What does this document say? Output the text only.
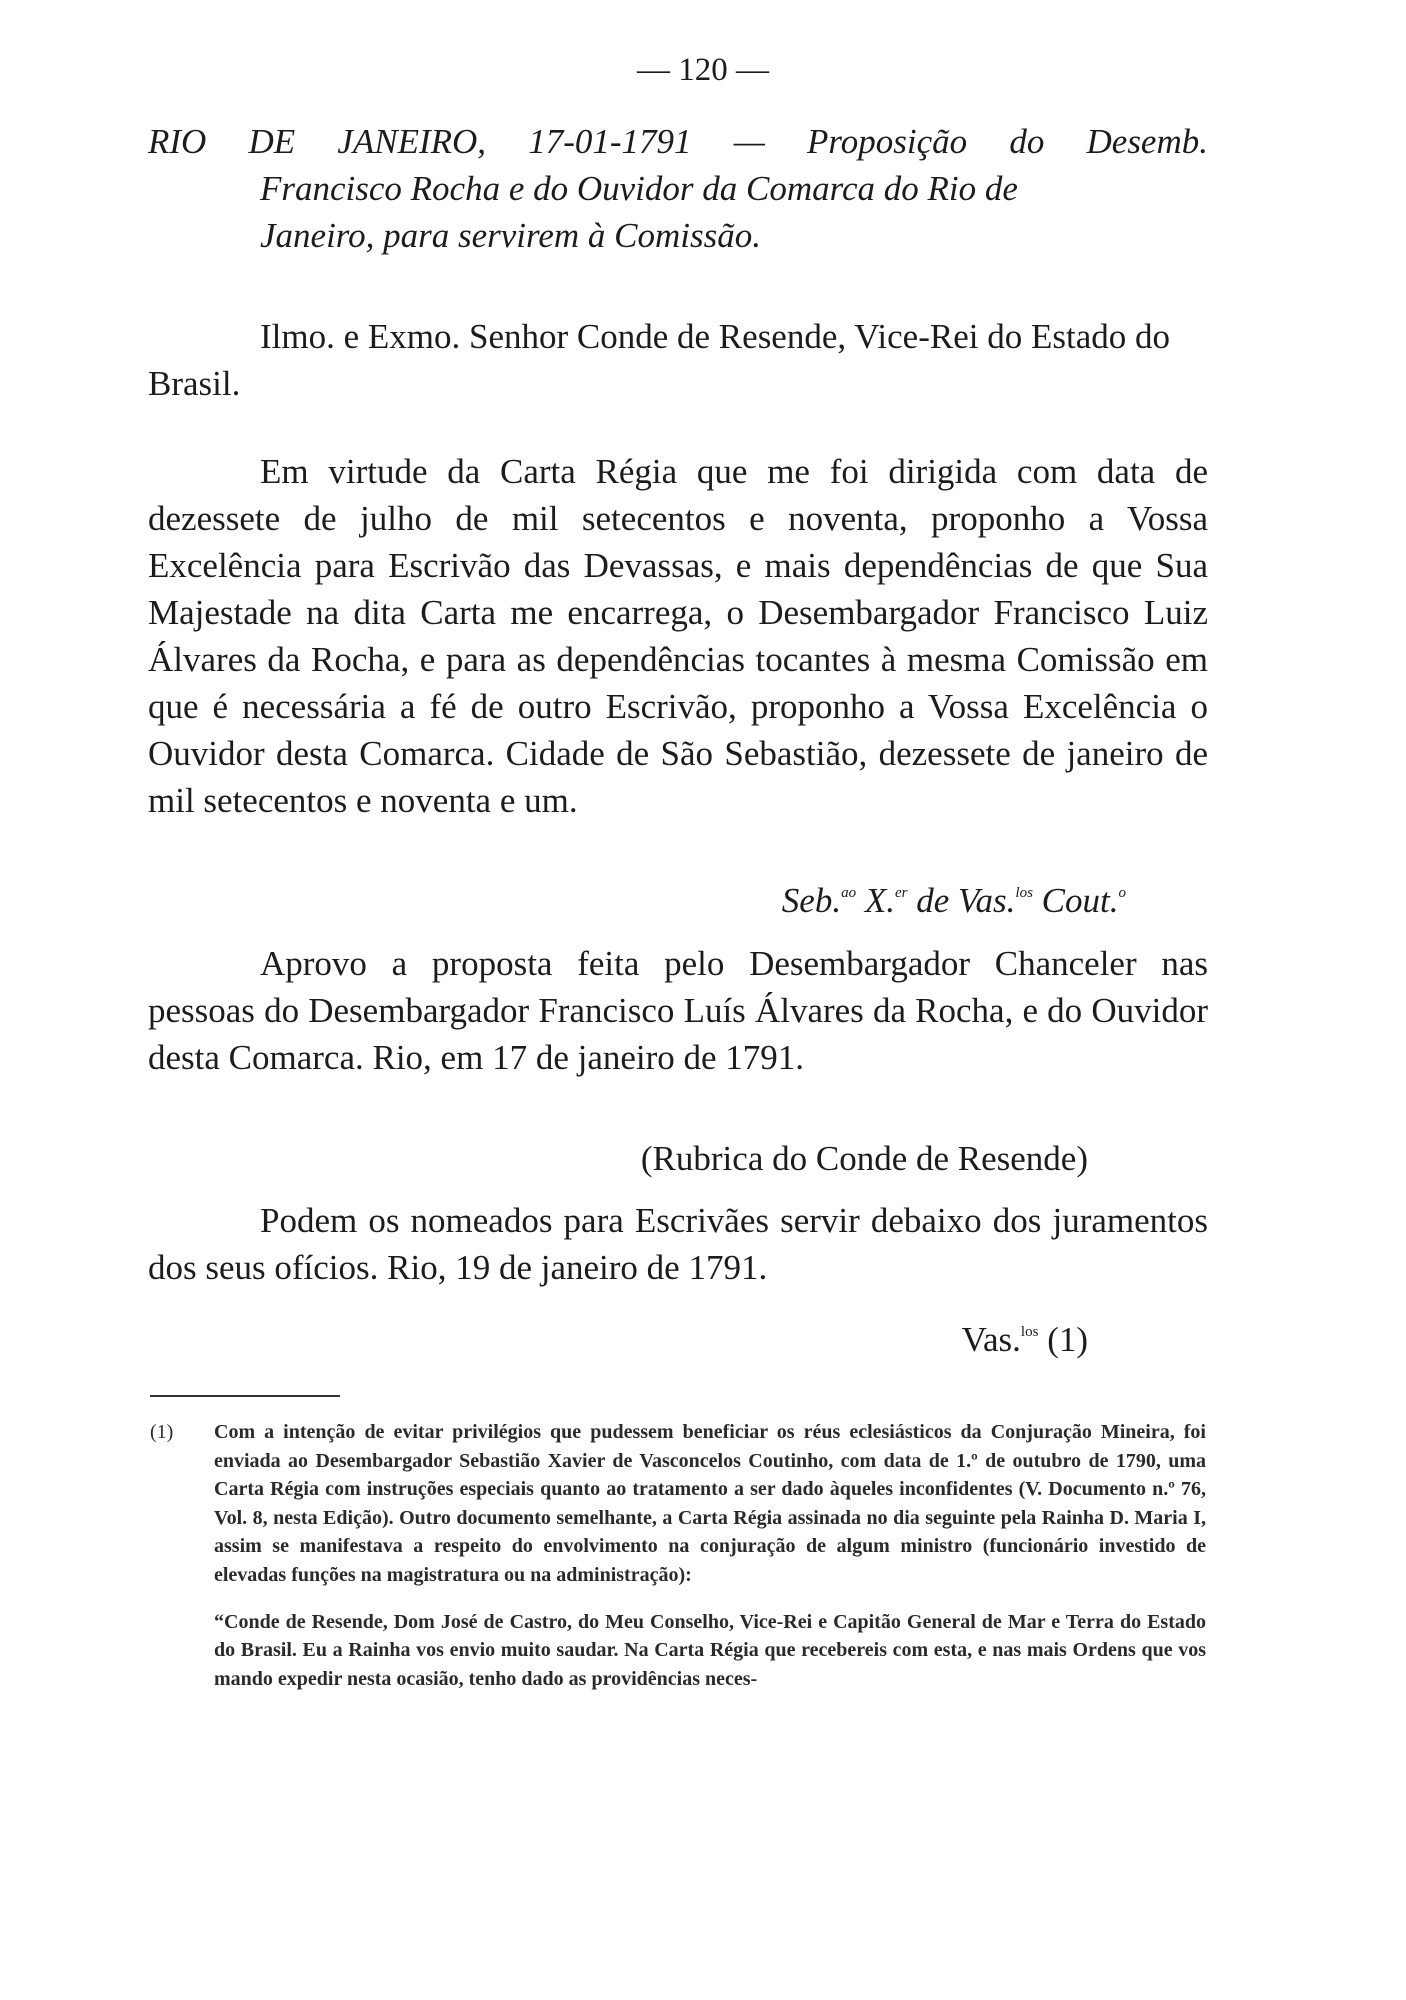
— 120 —
RIO DE JANEIRO, 17-01-1791 — Proposição do Desemb.
Francisco Rocha e do Ouvidor da Comarca do Rio de
Janeiro, para servirem à Comissão.
Ilmo. e Exmo. Senhor Conde de Resende, Vice-Rei do Estado do Brasil.
Em virtude da Carta Régia que me foi dirigida com data de dezessete de julho de mil setecentos e noventa, proponho a Vossa Excelência para Escrivão das Devassas, e mais dependências de que Sua Majestade na dita Carta me encarrega, o Desembargador Francisco Luiz Álvares da Rocha, e para as dependências tocantes à mesma Comissão em que é necessária a fé de outro Escrivão, proponho a Vossa Excelência o Ouvidor desta Comarca. Cidade de São Sebastião, dezessete de janeiro de mil setecentos e noventa e um.
Seb.$^{ao}$ X.$^{er}$ de Vas.$^{los}$ Cout.$^o$
Aprovo a proposta feita pelo Desembargador Chanceler nas pessoas do Desembargador Francisco Luís Álvares da Rocha, e do Ouvidor desta Comarca. Rio, em 17 de janeiro de 1791.
(Rubrica do Conde de Resende)
Podem os nomeados para Escrivães servir debaixo dos juramentos dos seus ofícios. Rio, 19 de janeiro de 1791.
Vas.$^{los}$ (1)
(1)	Com a intenção de evitar privilégios que pudessem beneficiar os réus eclesiásticos da Conjuração Mineira, foi enviada ao Desembargador Sebastião Xavier de Vasconcelos Coutinho, com data de 1.º de outubro de 1790, uma Carta Régia com instruções especiais quanto ao tratamento a ser dado àqueles inconfidentes (V. Documento n.º 76, Vol. 8, nesta Edição). Outro documento semelhante, a Carta Régia assinada no dia seguinte pela Rainha D. Maria I, assim se manifestava a respeito do envolvimento na conjuração de algum ministro (funcionário investido de elevadas funções na magistratura ou na administração):
“Conde de Resende, Dom José de Castro, do Meu Conselho, Vice-Rei e Capitão General de Mar e Terra do Estado do Brasil. Eu a Rainha vos envio muito saudar. Na Carta Régia que recebereis com esta, e nas mais Ordens que vos mando expedir nesta ocasião, tenho dado as providências neces-
